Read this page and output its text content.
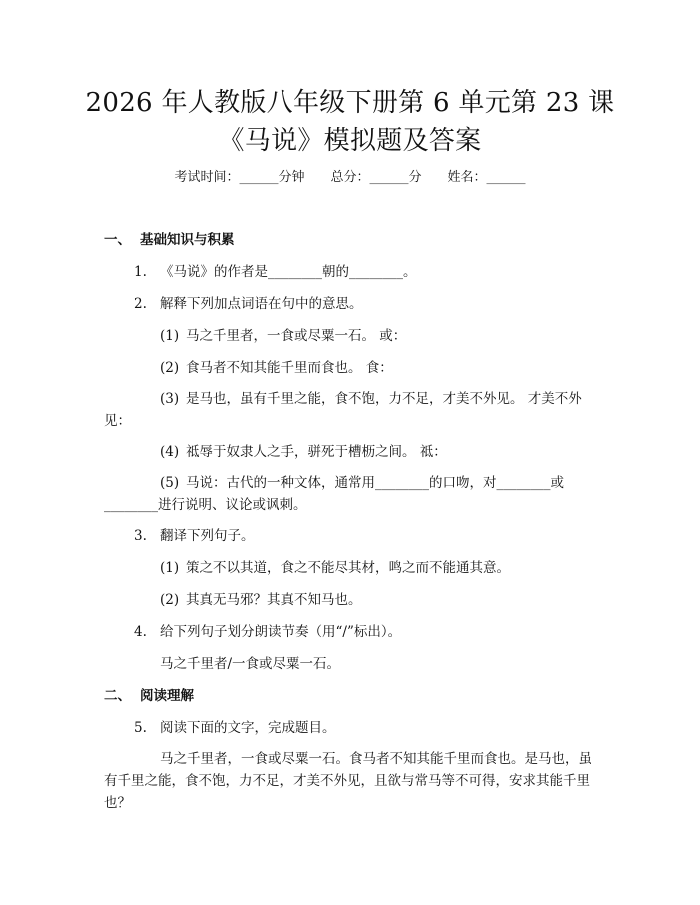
2026 年人教版八年级下册第 6 单元第 23 课
《马说》模拟题及答案
考试时间：______分钟 总分：______分 姓名：______
一、 基础知识与积累
1. 《马说》的作者是________朝的________。
2. 解释下列加点词语在句中的意思。
(1) 马之千里者，一食或尽粟一石。 或：
(2) 食马者不知其能千里而食也。 食：
(3) 是马也，虽有千里之能，食不饱，力不足，才美不外见。 才美不外
见：
(4) 祗辱于奴隶人之手，骈死于槽枥之间。 祗：
(5) 马说：古代的一种文体，通常用________的口吻，对________或
________进行说明、议论或讽刺。
3. 翻译下列句子。
(1) 策之不以其道，食之不能尽其材，鸣之而不能通其意。
(2) 其真无马邪？其真不知马也。
4. 给下列句子划分朗读节奏（用“/”标出）。
马之千里者/一食或尽粟一石。
二、 阅读理解
5. 阅读下面的文字，完成题目。
马之千里者，一食或尽粟一石。食马者不知其能千里而食也。是马也，虽有千里之能，食不饱，力不足，才美不外见，且欲与常马等不可得，安求其能千里也？
